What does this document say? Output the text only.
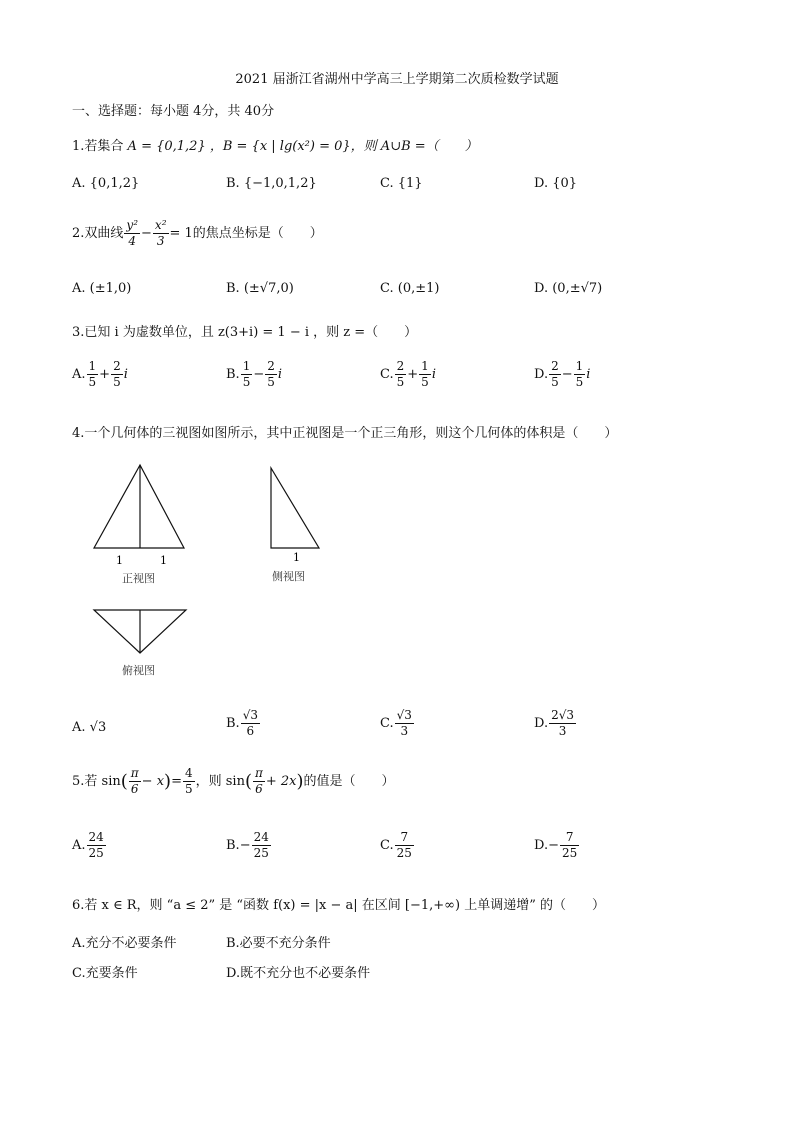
2021 届浙江省湖州中学高三上学期第二次质检数学试题
一、选择题：每小题 4分，共 40分
1.若集合 A = {0,1,2} ，B = {x | lg(x²) = 0}，则 A∪B =（　　）
A. {0,1,2}	B. {−1,0,1,2}	C. {1}	D. {0}
2.双曲线 $\frac{\text{y²}}{4} - \frac{\text{x²}}{3} = 1$的焦点坐标是（　　）
A. (±1,0)	B. (±√7,0)	C. (0,±1)	D. (0,±√7)
3.已知 i 为虚数单位，且 z(3+i) = 1 − i ，则 z =（　　）
A. $\frac{1}{5} + \frac{2}{5}$ i	B. $\frac{1}{5} - \frac{2}{5}$ i	C. $\frac{2}{5} + \frac{1}{5}$ i	D. $\frac{2}{5} - \frac{1}{5}$ i
4.一个几何体的三视图如图所示，其中正视图是一个正三角形，则这个几何体的体积是（　　）
1	1	1
正视图	侧视图
俯视图
A. √3	B. $\frac{√3}{6}$	C. $\frac{√3}{3}$	D. $\frac{2√3}{3}$
5.若 $\sin( \frac{\pi}{6} - x)= \frac{4}{5}$ ，则 $\sin( \frac{\pi}{6} + 2x)$的值是（　　）
A. $\frac{24}{25}$	$B.- \frac{24}{25}$	C. $\frac{7}{25}$	$D.- \frac{7}{25}$
6.若 x ∈ R，则 “a ≤ 2” 是 “函数 f(x) = |x − a| 在区间 [−1,+∞) 上单调递增” 的（　　）
A.充分不必要条件	B.必要不充分条件
C.充要条件	D.既不充分也不必要条件
